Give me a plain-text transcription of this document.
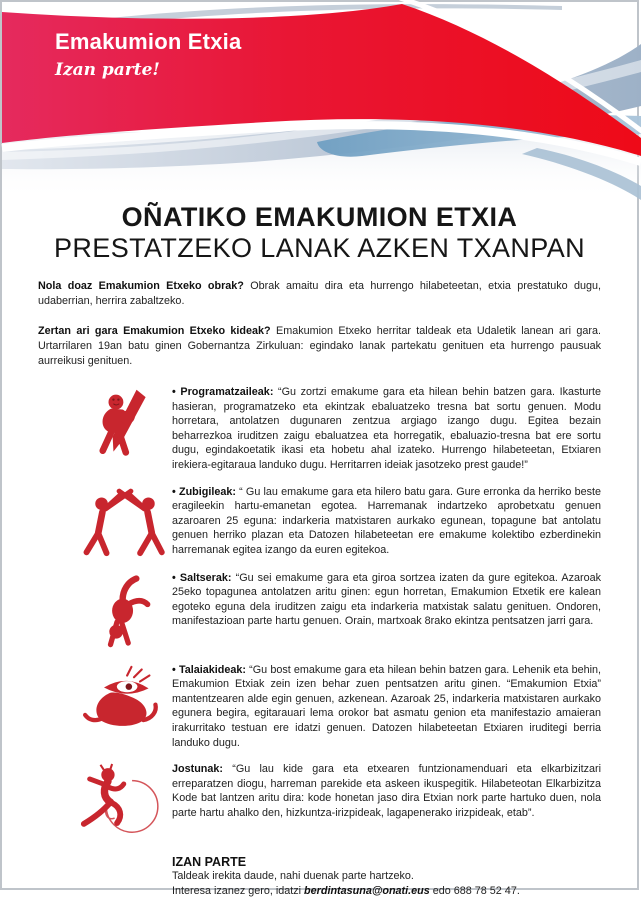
Emakumion Etxia
Izan parte!
OÑATIKO EMAKUMION ETXIA
PRESTATZEKO LANAK AZKEN TXANPAN

Nola doaz Emakumion Etxeko obrak? Obrak amaitu dira eta hurrengo hilabeteetan, etxia prestatuko dugu, udaberrian, herrira zabaltzeko.

Zertan ari gara Emakumion Etxeko kideak? Emakumion Etxeko herritar taldeak eta Udaletik lanean ari gara. Urtarrilaren 19an batu ginen Gobernantza Zirkuluan: egindako lanak partekatu genituen eta hurrengo pausuak aurreikusi genituen.

• Programatzaileak: “Gu zortzi emakume gara eta hilean behin batzen gara. Ikasturte hasieran, programatzeko eta ekintzak ebaluatzeko tresna bat sortu genuen. Modu horretara, antolatzen dugunaren zentzua argiago izango dugu. Egitea bezain beharrezkoa iruditzen zaigu ebaluatzea eta horregatik, ebaluazio-tresna bat ere sortu dugu, egindakoetatik ikasi eta hobetu ahal izateko. Hurrengo hilabeteetan, Etxiaren irekiera-egitaraua landuko dugu. Herritarren ideiak jasotzeko prest gaude!”

• Zubigileak: “ Gu lau emakume gara eta hilero batu gara. Gure erronka da herriko beste eragileekin hartu-emanetan egotea. Harremanak indartzeko aprobetxatu genuen azaroaren 25 eguna: indarkeria matxistaren aurkako egunean, topagune bat antolatu genuen herriko plazan eta Datozen hilabeteetan ere emakume kolektibo ezberdinekin harremanak egitea izango da euren egitekoa.

• Saltserak: “Gu sei emakume gara eta giroa sortzea izaten da gure egitekoa. Azaroak 25eko topagunea antolatzen aritu ginen: egun horretan, Emakumion Etxetik ere kalean egoteko eguna dela iruditzen zaigu eta indarkeria matxistak salatu genituen. Ondoren, manifestazioan parte hartu genuen. Orain, martxoak 8rako ekintza pentsatzen jarri gara.

• Talaiakideak: “Gu bost emakume gara eta hilean behin batzen gara. Lehenik eta behin, Emakumion Etxiak zein izen behar zuen pentsatzen aritu ginen. “Emakumion Etxia” mantentzearen alde egin genuen, azkenean. Azaroak 25, indarkeria matxistaren aurkako egunera begira, egitarauari lema orokor bat asmatu genion eta manifestazio amaieran irakurritako testuan ere idatzi genuen. Datozen hilabeteetan Etxiaren iruditegi berria landuko dugu.

Jostunak: “Gu lau kide gara eta etxearen funtzionamenduari eta elkarbizitzari erreparatzen diogu, harreman parekide eta askeen ikuspegitik. Hilabeteotan Elkarbizitza Kode bat lantzen aritu dira: kode honetan jaso dira Etxian nork parte hartuko duen, nola parte hartu ahalko den, hizkuntza-irizpideak, lagapenerako irizpideak, etab”.

IZAN PARTE
Taldeak irekita daude, nahi duenak parte hartzeko.
Interesa izanez gero, idatzi berdintasuna@onati.eus edo 688 78 52 47.
